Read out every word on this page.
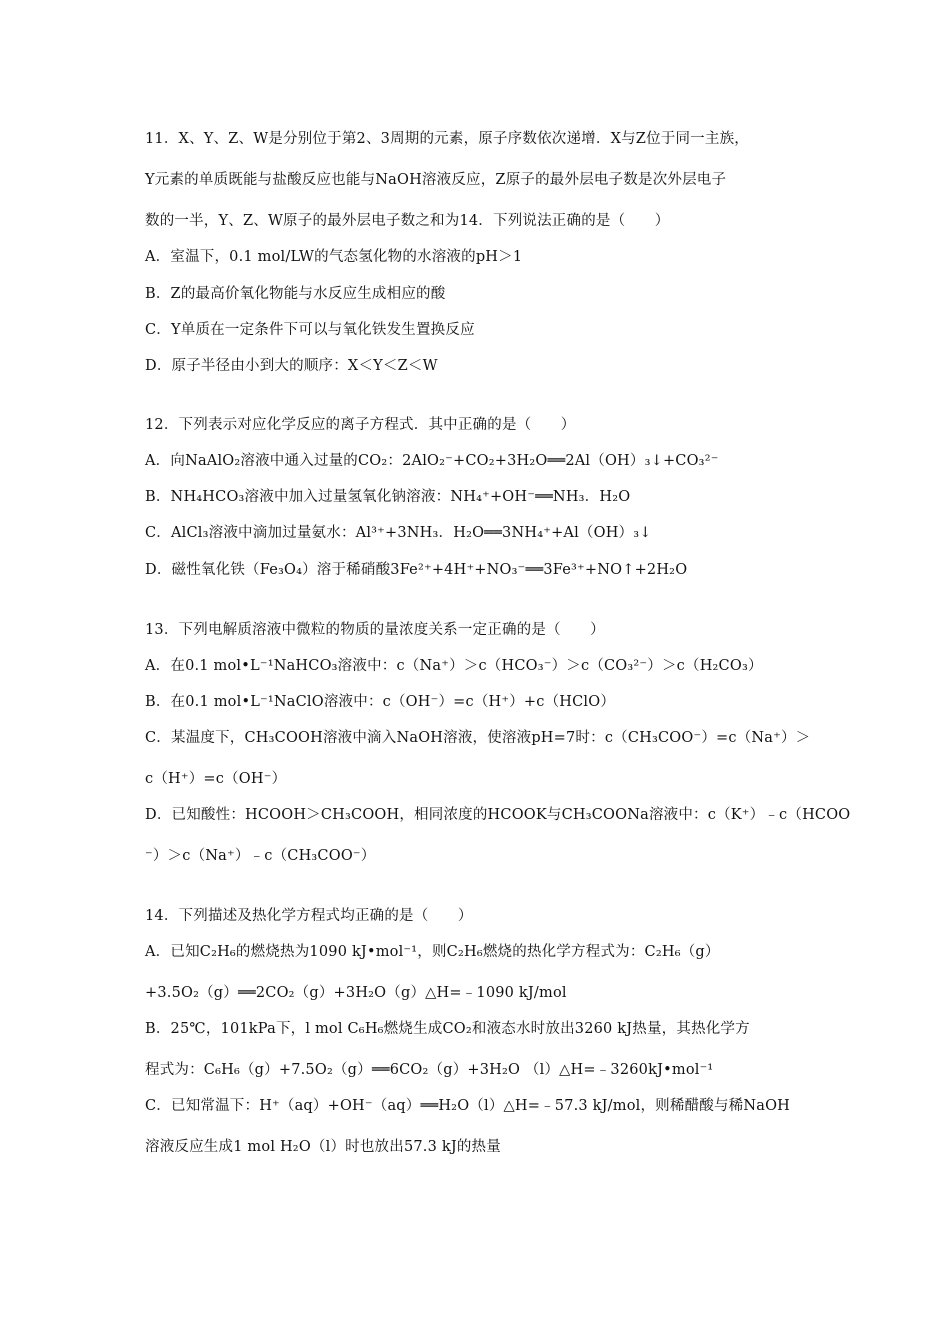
11．X、Y、Z、W是分别位于第2、3周期的元素，原子序数依次递增．X与Z位于同一主族，
Y元素的单质既能与盐酸反应也能与NaOH溶液反应，Z原子的最外层电子数是次外层电子
数的一半，Y、Z、W原子的最外层电子数之和为14．下列说法正确的是（　　）
A．室温下，0.1 mol/LW的气态氢化物的水溶液的pH＞1
B．Z的最高价氧化物能与水反应生成相应的酸
C．Y单质在一定条件下可以与氧化铁发生置换反应
D．原子半径由小到大的顺序：X＜Y＜Z＜W
12．下列表示对应化学反应的离子方程式．其中正确的是（　　）
A．向NaAlO₂溶液中通入过量的CO₂：2AlO₂⁻+CO₂+3H₂O══2Al（OH）₃↓+CO₃²⁻
B．NH₄HCO₃溶液中加入过量氢氧化钠溶液：NH₄⁺+OH⁻══NH₃．H₂O
C．AlCl₃溶液中滴加过量氨水：Al³⁺+3NH₃．H₂O══3NH₄⁺+Al（OH）₃↓
D．磁性氧化铁（Fe₃O₄）溶于稀硝酸3Fe²⁺+4H⁺+NO₃⁻══3Fe³⁺+NO↑+2H₂O
13．下列电解质溶液中微粒的物质的量浓度关系一定正确的是（　　）
A．在0.1 mol•L⁻¹NaHCO₃溶液中：c（Na⁺）＞c（HCO₃⁻）＞c（CO₃²⁻）＞c（H₂CO₃）
B．在0.1 mol•L⁻¹NaClO溶液中：c（OH⁻）=c（H⁺）+c（HClO）
C．某温度下，CH₃COOH溶液中滴入NaOH溶液，使溶液pH=7时：c（CH₃COO⁻）=c（Na⁺）＞
c（H⁺）=c（OH⁻）
D．已知酸性：HCOOH＞CH₃COOH，相同浓度的HCOOK与CH₃COONa溶液中：c（K⁺）﹣c（HCOO
⁻）＞c（Na⁺）﹣c（CH₃COO⁻）
14．下列描述及热化学方程式均正确的是（　　）
A．已知C₂H₆的燃烧热为1090 kJ•mol⁻¹，则C₂H₆燃烧的热化学方程式为：C₂H₆（g）
+3.5O₂（g）══2CO₂（g）+3H₂O（g）△H=﹣1090 kJ/mol
B．25℃，101kPa下，l mol C₆H₆燃烧生成CO₂和液态水时放出3260 kJ热量，其热化学方
程式为：C₆H₆（g）+7.5O₂（g）══6CO₂（g）+3H₂O （l）△H=﹣3260kJ•mol⁻¹
C．已知常温下：H⁺（aq）+OH⁻（aq）══H₂O（l）△H=﹣57.3 kJ/mol，则稀醋酸与稀NaOH
溶液反应生成1 mol H₂O（l）时也放出57.3 kJ的热量
